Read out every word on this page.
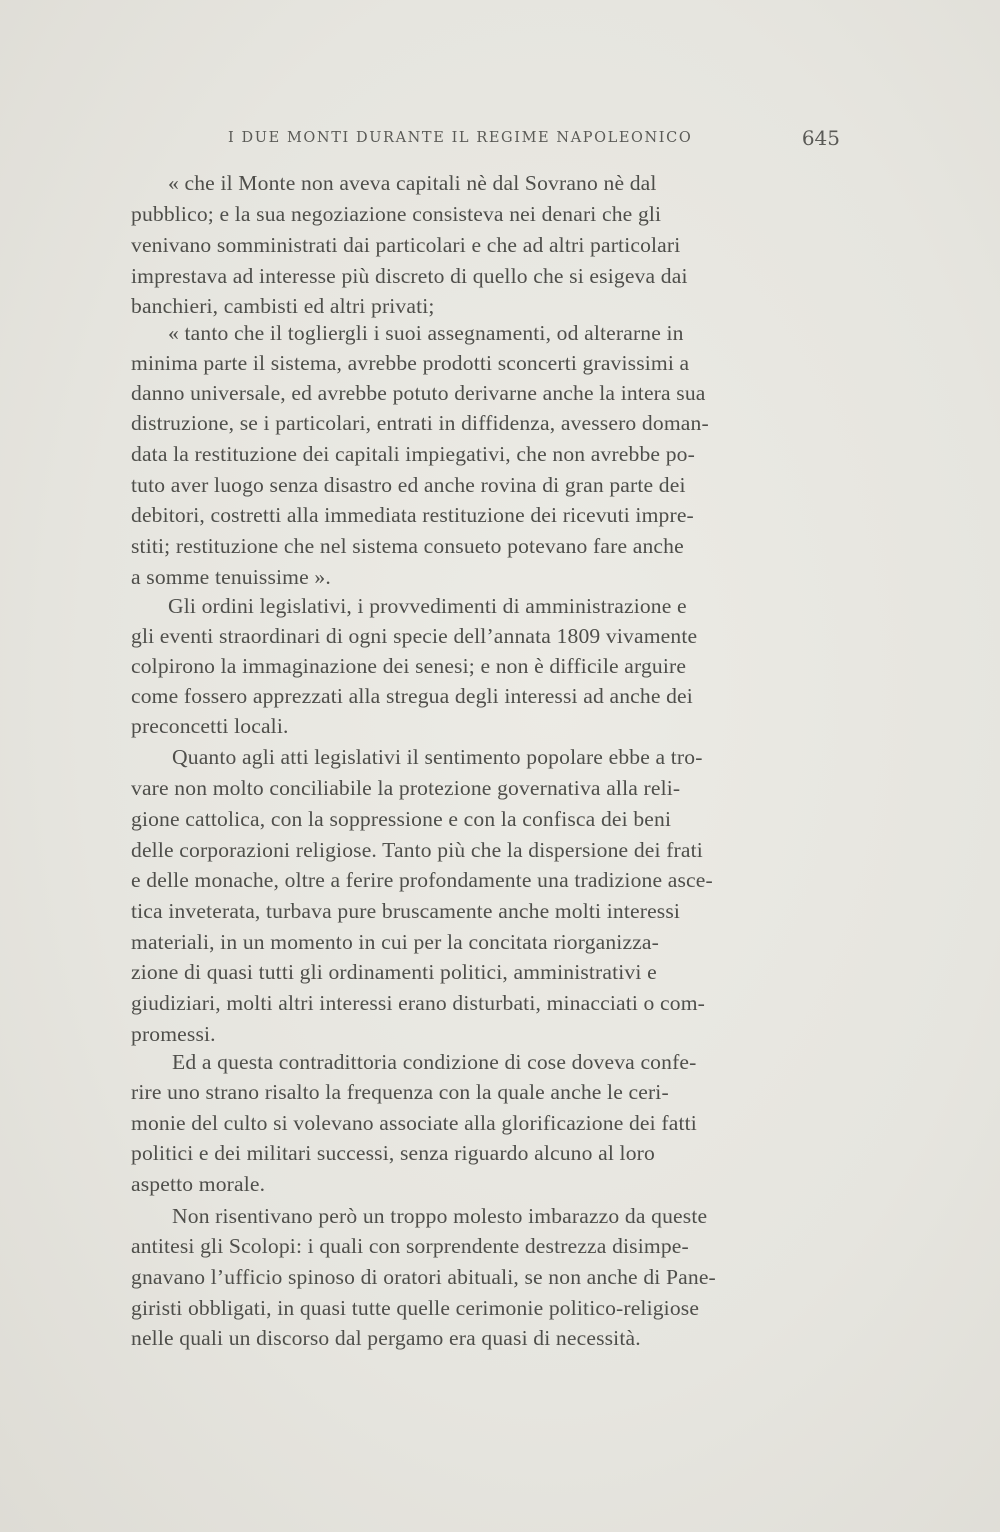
I DUE MONTI DURANTE IL REGIME NAPOLEONICO	645
« che il Monte non aveva capitali nè dal Sovrano nè dal
pubblico; e la sua negoziazione consisteva nei denari che gli
venivano somministrati dai particolari e che ad altri particolari
imprestava ad interesse più discreto di quello che si esigeva dai
banchieri, cambisti ed altri privati;
« tanto che il togliergli i suoi assegnamenti, od alterarne in
minima parte il sistema, avrebbe prodotti sconcerti gravissimi a
danno universale, ed avrebbe potuto derivarne anche la intera sua
distruzione, se i particolari, entrati in diffidenza, avessero doman-
data la restituzione dei capitali impiegativi, che non avrebbe po-
tuto aver luogo senza disastro ed anche rovina di gran parte dei
debitori, costretti alla immediata restituzione dei ricevuti impre-
stiti; restituzione che nel sistema consueto potevano fare anche
a somme tenuissime ».
Gli ordini legislativi, i provvedimenti di amministrazione e
gli eventi straordinari di ogni specie dell’annata 1809 vivamente
colpirono la immaginazione dei senesi; e non è difficile arguire
come fossero apprezzati alla stregua degli interessi ad anche dei
preconcetti locali.
Quanto agli atti legislativi il sentimento popolare ebbe a tro-
vare non molto conciliabile la protezione governativa alla reli-
gione cattolica, con la soppressione e con la confisca dei beni
delle corporazioni religiose. Tanto più che la dispersione dei frati
e delle monache, oltre a ferire profondamente una tradizione asce-
tica inveterata, turbava pure bruscamente anche molti interessi
materiali, in un momento in cui per la concitata riorganizza-
zione di quasi tutti gli ordinamenti politici, amministrativi e
giudiziari, molti altri interessi erano disturbati, minacciati o com-
promessi.
Ed a questa contradittoria condizione di cose doveva confe-
rire uno strano risalto la frequenza con la quale anche le ceri-
monie del culto si volevano associate alla glorificazione dei fatti
politici e dei militari successi, senza riguardo alcuno al loro
aspetto morale.
Non risentivano però un troppo molesto imbarazzo da queste
antitesi gli Scolopi: i quali con sorprendente destrezza disimpe-
gnavano l’ufficio spinoso di oratori abituali, se non anche di Pane-
giristi obbligati, in quasi tutte quelle cerimonie politico-religiose
nelle quali un discorso dal pergamo era quasi di necessità.
